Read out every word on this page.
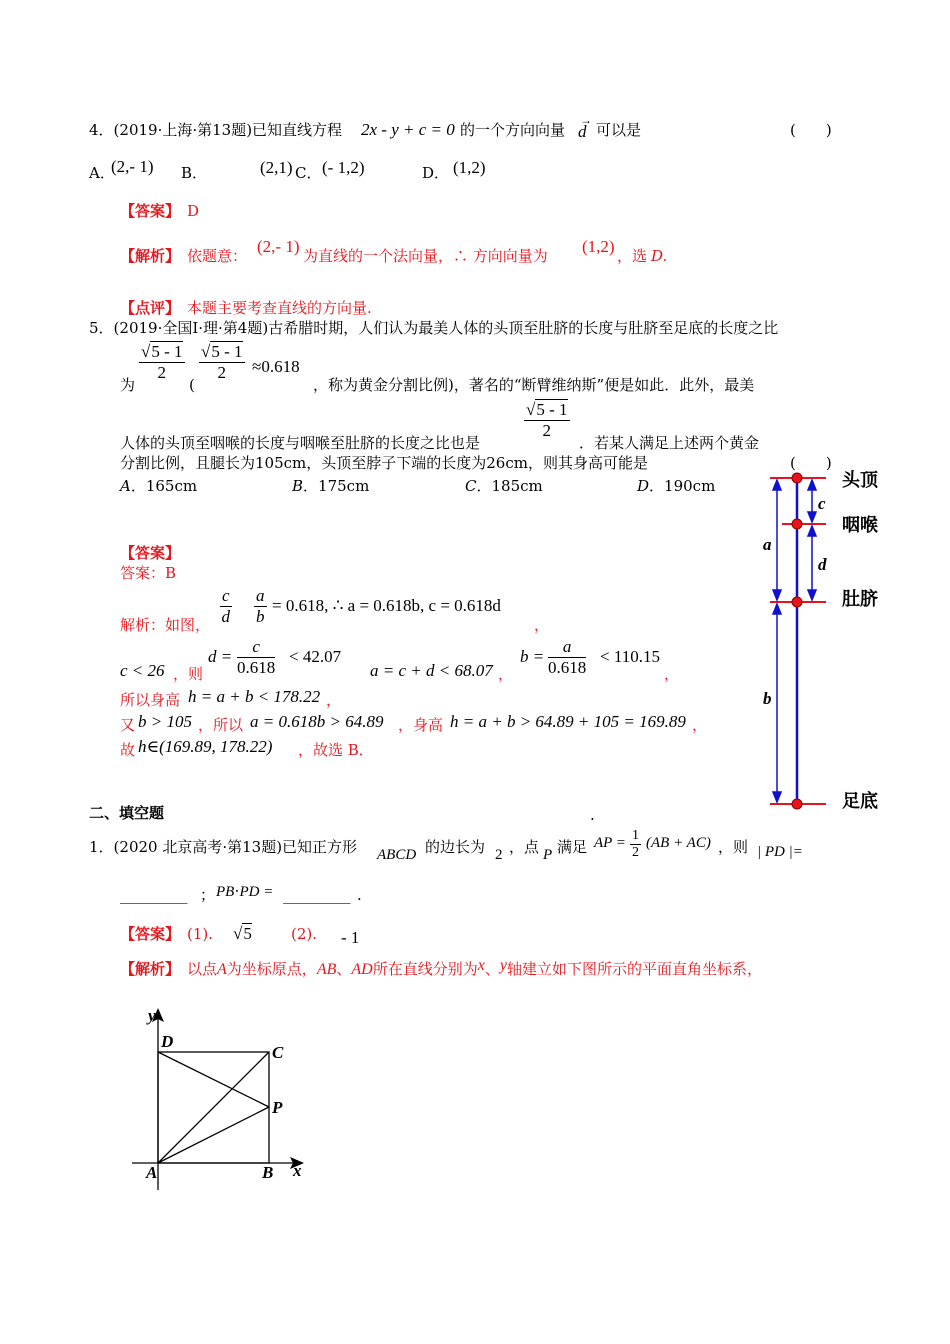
4．(2019·上海·第13题)已知直线方程 2x - y + c = 0 的一个方向向量
→
d 可以是	(　　)
A．
(2,- 1) B．	(2,1) C． (- 1,2)	D． (1,2)
【答案】 D
【解析】 依题意： (2,- 1) 为直线的一个法向量，∴ 方向向量为 (1,2) ，选 D.
【点评】 本题主要考查直线的方向量.
5．(2019·全国Ⅰ·理·第4题)古希腊时期，人们认为最美人体的头顶至肚脐的长度与肚脐至足底的长度之比
$\frac{√5 - 1}{2}$
为	(
$\frac{√5 - 1}{2} \approx 0.618$
，称为黄金分割比例)，著名的“断臂维纳斯”便是如此．此外，最美
$\frac{√5 - 1}{2}$
人体的头顶至咽喉的长度与咽喉至肚脐的长度之比也是	．若某人满足上述两个黄金
分割比例，且腿长为105cm，头顶至脖子下端的长度为26cm，则其身高可能是	(　　)
A．165cm	B．175cm	C．185cm	D．190cm
【答案】
答案：B
解析：如图， $\frac{c}{d} \frac{a}{b} = 0.618$, ∴ a = 0.618b, c = 0.618d
，
c < 26 ，则
$d = \frac{c}{0.618} < 42.07$
a = c + d < 68.07 ，
$b = \frac{a}{0.618} < 110.15$
，
所以身高 h = a + b < 178.22 ，
又 b > 105 ，所以 a = 0.618b > 64.89 ，身高 h = a + b > 64.89 + 105 = 169.89 ，
故 h∈(169.89, 178.22) ，故选 B．
.
头顶
咽喉
肚脐
足底
a
b
c
d
二、填空题
1．(2020 北京高考·第13题)已知正方形 ABCD 的边长为 2 ，点 P 满足 AP = $\frac{1}{2} (AB + AC)$ ，则 | PD |=
_________ ； PB⋅PD = _________ .
【答案】 (1). √5	(2). - 1
【解析】 以点A为坐标原点，AB、AD所在直线分别为x、y轴建立如下图所示的平面直角坐标系，
y
D
C
P
A	B x
